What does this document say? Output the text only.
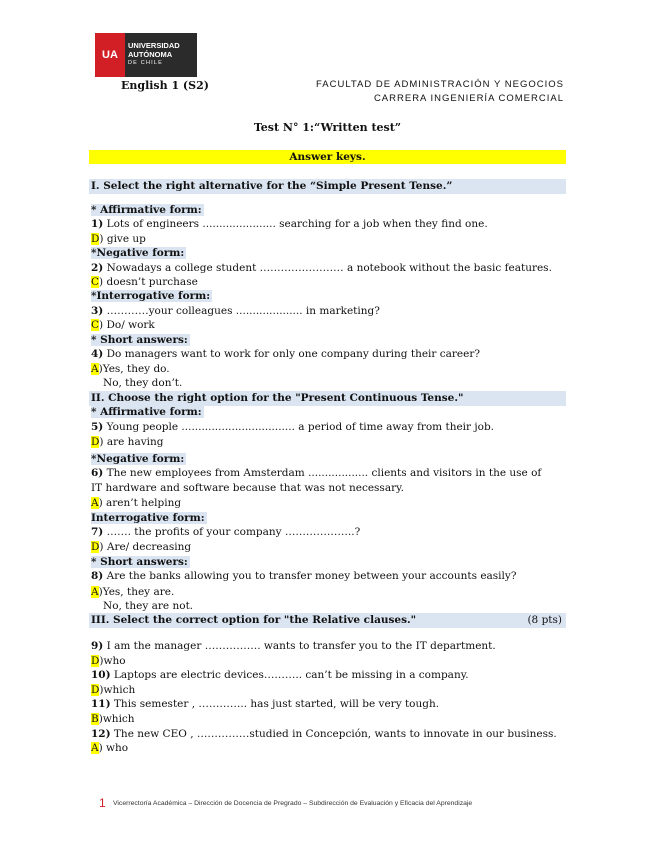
UA
UNIVERSIDAD
AUTÓNOMA
DE CHILE
English 1 (S2)	FACULTAD DE ADMINISTRACIÓN Y NEGOCIOS
CARRERA INGENIERÍA COMERCIAL
Test N° 1:“Written test”
Answer keys.
I. Select the right alternative for the “Simple Present Tense.”
* Affirmative form:
1) Lots of engineers ...................... searching for a job when they find one.
D) give up
*Negative form:
2) Nowadays a college student …………………… a notebook without the basic features.
C) doesn’t purchase
*Interrogative form:
3) …………your colleagues .................... in marketing?
C) Do/ work
* Short answers:
4) Do managers want to work for only one company during their career?
A)Yes, they do.
No, they don’t.
II. Choose the right option for the "Present Continuous Tense."
* Affirmative form:
5) Young people .................................. a period of time away from their job.
D) are having
*Negative form:
6) The new employees from Amsterdam .................. clients and visitors in the use of IT hardware and software because that was not necessary.
A) aren’t helping
Interrogative form:
7) ……. the profits of your company ………………..?
D) Are/ decreasing
* Short answers:
8) Are the banks allowing you to transfer money between your accounts easily?
A)Yes, they are.
No, they are not.
III. Select the correct option for "the Relative clauses."	(8 pts)
9) I am the manager ……………. wants to transfer you to the IT department.
D)who
10) Laptops are electric devices……….. can’t be missing in a company.
D)which
11) This semester , ………….. has just started, will be very tough.
B)which
12) The new CEO , ……………studied in Concepción, wants to innovate in our business.
A) who
1 Vicerrectoría Académica – Dirección de Docencia de Pregrado – Subdirección de Evaluación y Eficacia del Aprendizaje
